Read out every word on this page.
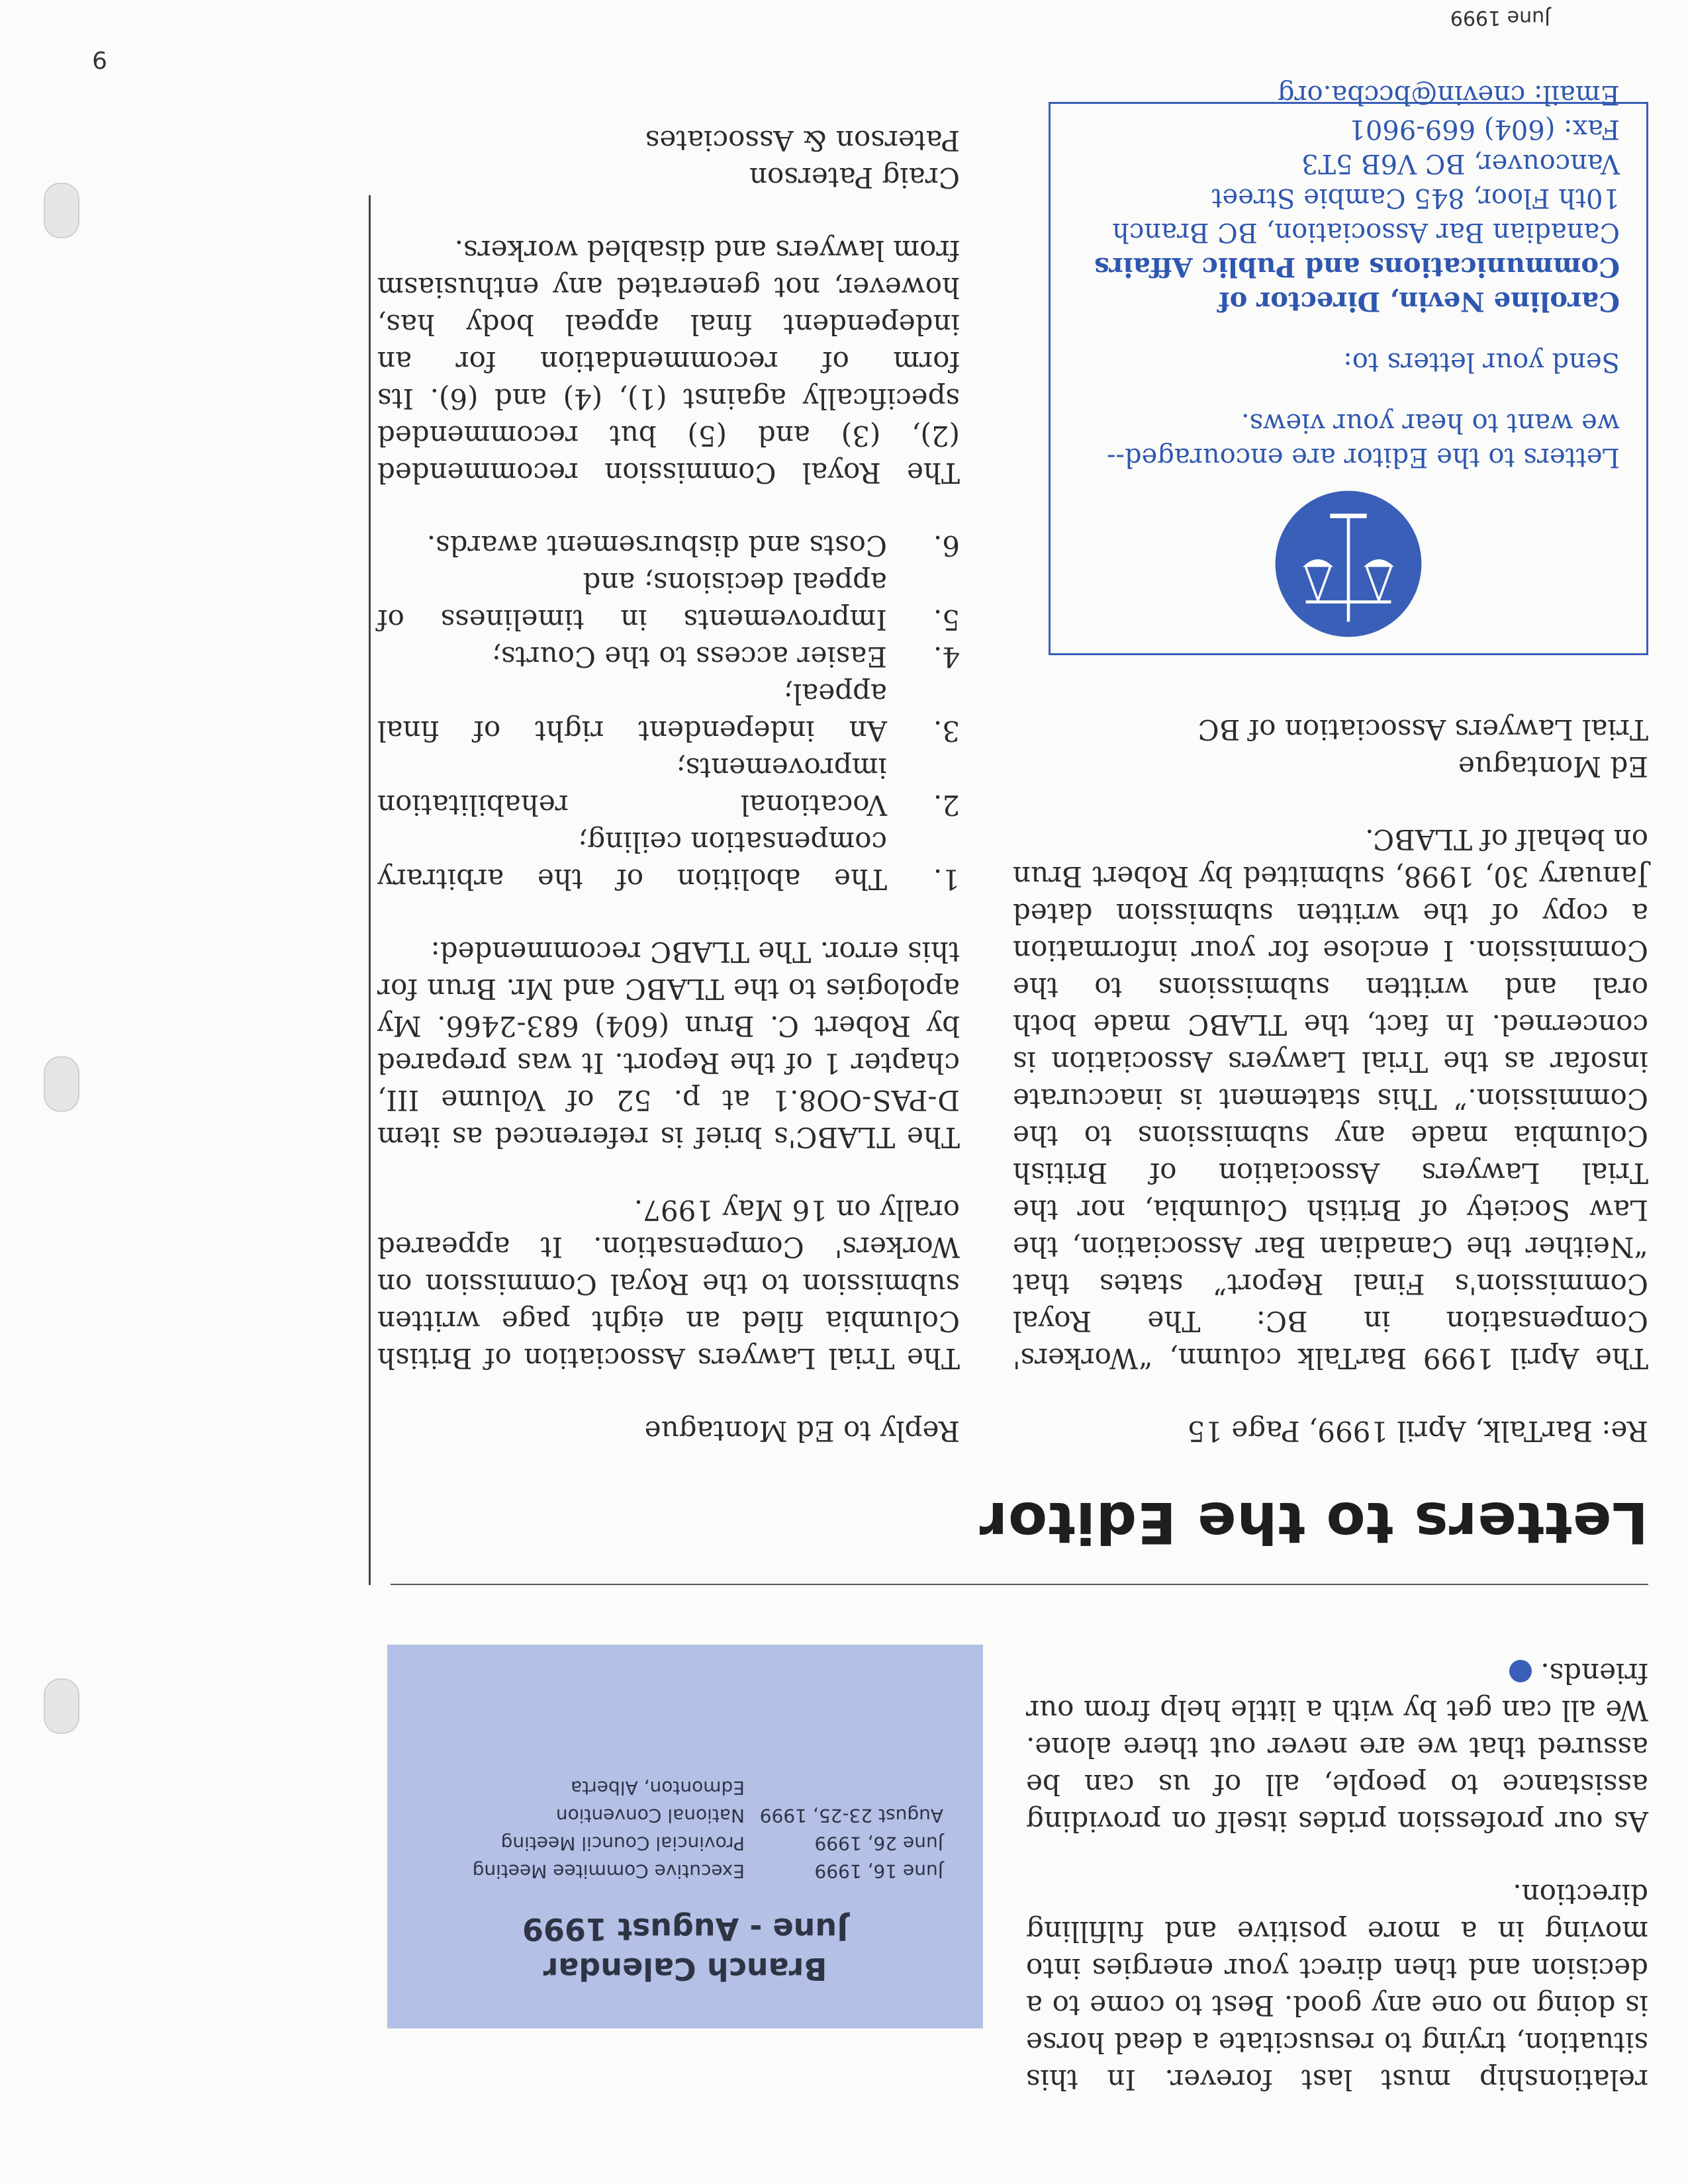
9
June 1999

relationship must last forever. In this situation, trying to resuscitate a dead horse is doing no one any good. Best to come to a decision and then direct your energies into moving in a more positive and fulfilling direction.

As our profession prides itself on providing assistance to people, all of us can be assured that we are never out there alone. We all can get by with a little help from our friends.

Branch Calendar
June - August 1999
June 16, 1999Executive Commitee Meeting
June 26, 1999Provincial Council Meeting
August 23-25, 1999National Convention
Edmonton, Alberta
Letters to the Editor
Re: BarTalk, April 1999, Page 15

The April 1999 BarTalk column, “Workers' Compensation in BC: The Royal Commission's Final Report” states that “Neither the Canadian Bar Association, the Law Society of British Columbia, nor the Trial Lawyers Association of British Columbia made any submissions to the Commission.” This statement is inaccurate insofar as the Trial Lawyers Association is concerned. In fact, the TLABC made both oral and written submissions to the Commission. I enclose for your information a copy of the written submission dated January 30, 1998, submitted by Robert Brun on behalf of TLABC.

Ed Montague
Trial Lawyers Association of BC
Reply to Ed Montague

The Trial Lawyers Association of British Columbia filed an eight page written submission to the Royal Commission on Workers' Compensation. It appeared orally on 16 May 1997.

The TLABC's brief is referenced as item D-PAS-OO8.1 at p. 52 of Volume III, chapter 1 of the Report. It was prepared by Robert C. Brun (604) 683-2466. My apologies to the TLABC and Mr. Brun for this error. The TLABC recommended:

1.
The abolition of the arbitrary compensation ceiling;
2.
Vocational rehabilitation improvements;
3.
An independent right of final appeal;
4.
Easier access to the Courts;
5.
Improvements in timeliness of appeal decisions; and
6.
Costs and disbursement awards.

The Royal Commission recommended (2), (3) and (5) but recommended specifically against (1), (4) and (6). Its form of recommendation for an independent final appeal body has, however, not generated any enthusiasm from lawyers and disabled workers.

Craig Paterson
Paterson & Associates

Letters to the Editor are encouraged--we want to hear your views.

Send your letters to:

Caroline Nevin, Director of
Communications and Public Affairs
Canadian Bar Association, BC Branch
10th Floor, 845 Cambie Street
Vancouver, BC V6B 5T3
Fax: (604) 669-9601
Email: cnevin@bccba.org
